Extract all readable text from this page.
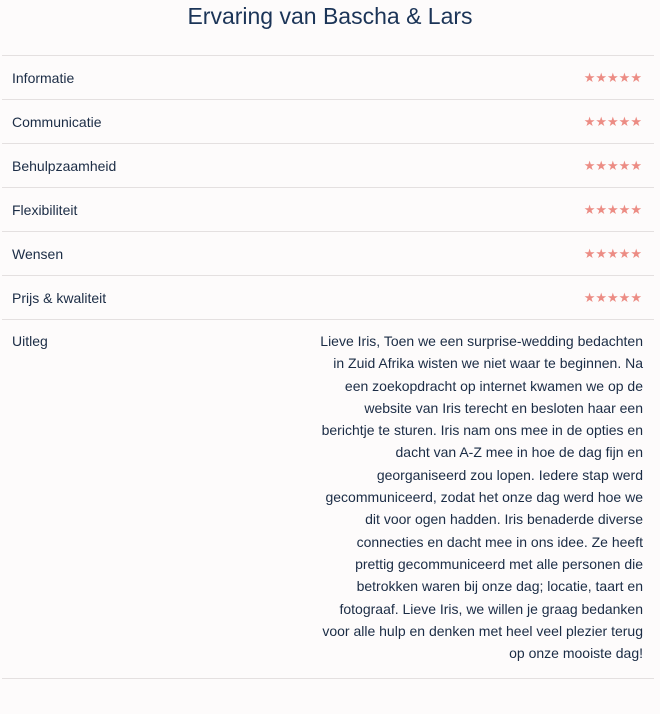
Ervaring van Bascha & Lars
Informatie	★★★★★
Communicatie	★★★★★
Behulpzaamheid	★★★★★
Flexibiliteit	★★★★★
Wensen	★★★★★
Prijs & kwaliteit	★★★★★
Uitleg	Lieve Iris, Toen we een surprise-wedding bedachten in Zuid Afrika wisten we niet waar te beginnen. Na een zoekopdracht op internet kwamen we op de website van Iris terecht en besloten haar een berichtje te sturen. Iris nam ons mee in de opties en dacht van A-Z mee in hoe de dag fijn en georganiseerd zou lopen. Iedere stap werd gecommuniceerd, zodat het onze dag werd hoe we dit voor ogen hadden. Iris benaderde diverse connecties en dacht mee in ons idee. Ze heeft prettig gecommuniceerd met alle personen die betrokken waren bij onze dag; locatie, taart en fotograaf. Lieve Iris, we willen je graag bedanken voor alle hulp en denken met heel veel plezier terug op onze mooiste dag!
